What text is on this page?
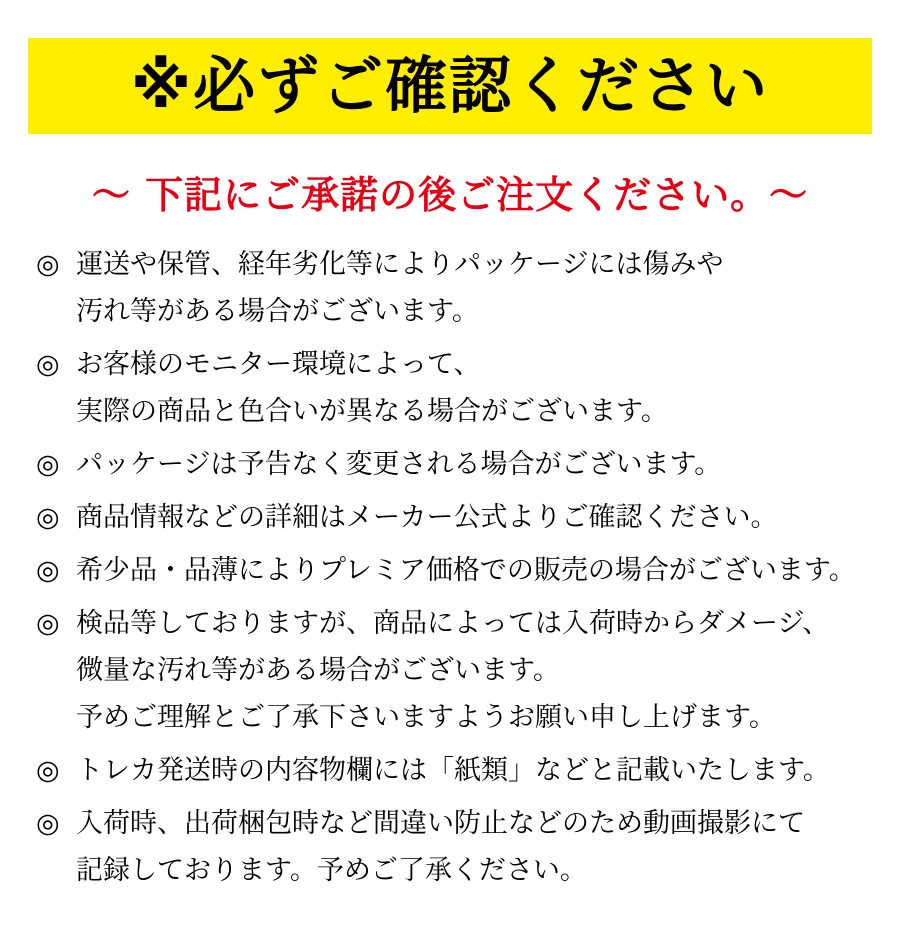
※必ずご確認ください
〜 下記にご承諾の後ご注文ください。〜
◎ 運送や保管、経年劣化等によりパッケージには傷みや
汚れ等がある場合がございます。
◎ お客様のモニター環境によって、
実際の商品と色合いが異なる場合がございます。
◎ パッケージは予告なく変更される場合がございます。
◎ 商品情報などの詳細はメーカー公式よりご確認ください。
◎ 希少品・品薄によりプレミア価格での販売の場合がございます。
◎ 検品等しておりますが、商品によっては入荷時からダメージ、
微量な汚れ等がある場合がございます。
予めご理解とご了承下さいますようお願い申し上げます。
◎ トレカ発送時の内容物欄には「紙類」などと記載いたします。
◎ 入荷時、出荷梱包時など間違い防止などのため動画撮影にて
記録しております。予めご了承ください。
